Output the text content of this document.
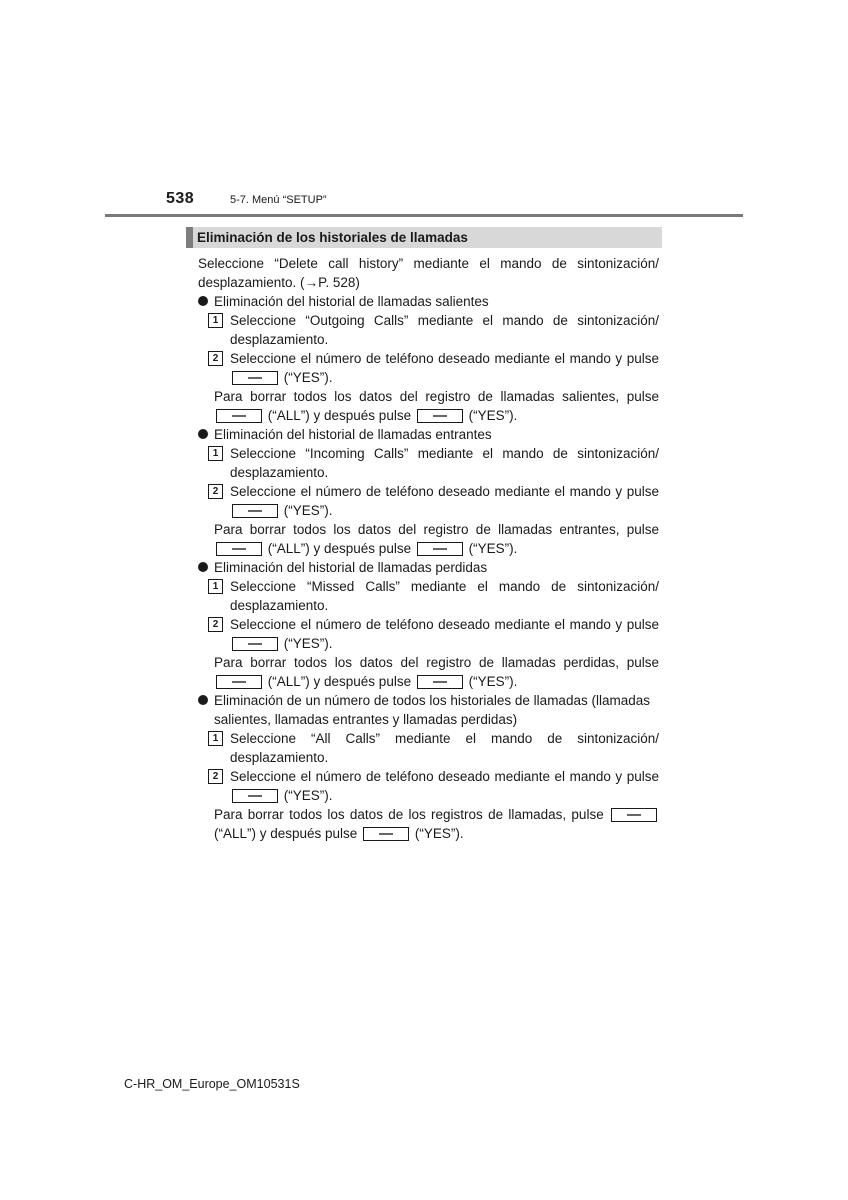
538	5-7. Menú “SETUP”
Eliminación de los historiales de llamadas

Seleccione “Delete call history” mediante el mando de sintonización/ desplazamiento. (→P. 528)

Eliminación del historial de llamadas salientes

1 Seleccione “Outgoing Calls” mediante el mando de sintonización/ desplazamiento.

2 Seleccione el número de teléfono deseado mediante el mando y pulse  (“YES”).

Para borrar todos los datos del registro de llamadas salientes, pulse  (“ALL”) y después pulse	(“YES”).

Eliminación del historial de llamadas entrantes

1 Seleccione “Incoming Calls” mediante el mando de sintonización/ desplazamiento.

2 Seleccione el número de teléfono deseado mediante el mando y pulse  (“YES”).

Para borrar todos los datos del registro de llamadas entrantes, pulse  (“ALL”) y después pulse	(“YES”).

Eliminación del historial de llamadas perdidas

1 Seleccione “Missed Calls” mediante el mando de sintonización/ desplazamiento.

2 Seleccione el número de teléfono deseado mediante el mando y pulse  (“YES”).

Para borrar todos los datos del registro de llamadas perdidas, pulse  (“ALL”) y después pulse	(“YES”).

Eliminación de un número de todos los historiales de llamadas (llamadas salientes, llamadas entrantes y llamadas perdidas)

1 Seleccione “All Calls” mediante el mando de sintonización/ desplazamiento.

2 Seleccione el número de teléfono deseado mediante el mando y pulse  (“YES”).

Para borrar todos los datos de los registros de llamadas, pulse  (“ALL”) y después pulse	(“YES”).

C-HR_OM_Europe_OM10531S
